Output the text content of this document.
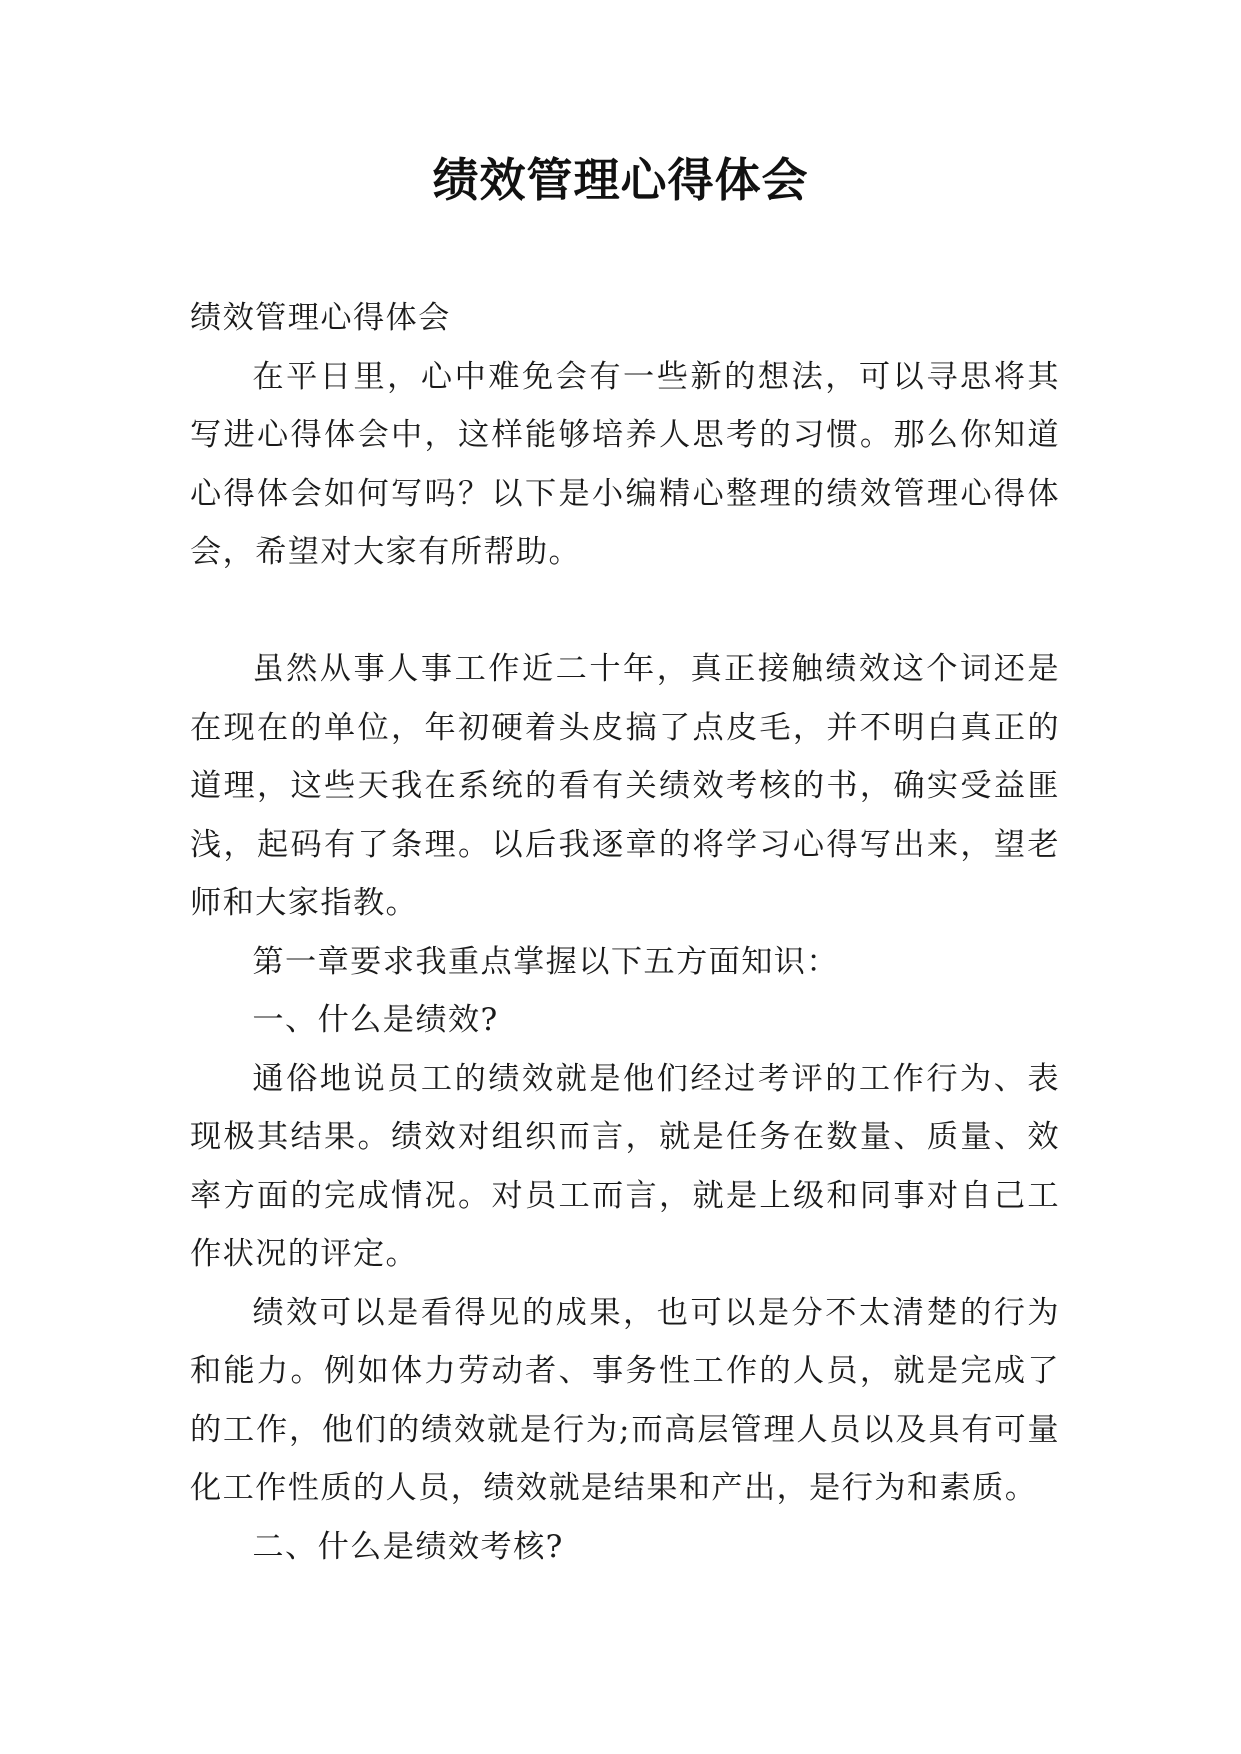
绩效管理心得体会

绩效管理心得体会

在平日里，心中难免会有一些新的想法，可以寻思将其写进心得体会中，这样能够培养人思考的习惯。那么你知道心得体会如何写吗？以下是小编精心整理的绩效管理心得体会，希望对大家有所帮助。

虽然从事人事工作近二十年，真正接触绩效这个词还是在现在的单位，年初硬着头皮搞了点皮毛，并不明白真正的道理，这些天我在系统的看有关绩效考核的书，确实受益匪浅，起码有了条理。以后我逐章的将学习心得写出来，望老师和大家指教。

第一章要求我重点掌握以下五方面知识：

一、什么是绩效?

通俗地说员工的绩效就是他们经过考评的工作行为、表现极其结果。绩效对组织而言，就是任务在数量、质量、效率方面的完成情况。对员工而言，就是上级和同事对自己工作状况的评定。

绩效可以是看得见的成果，也可以是分不太清楚的行为和能力。例如体力劳动者、事务性工作的人员，就是完成了的工作，他们的绩效就是行为;而高层管理人员以及具有可量化工作性质的人员，绩效就是结果和产出，是行为和素质。

二、什么是绩效考核?
